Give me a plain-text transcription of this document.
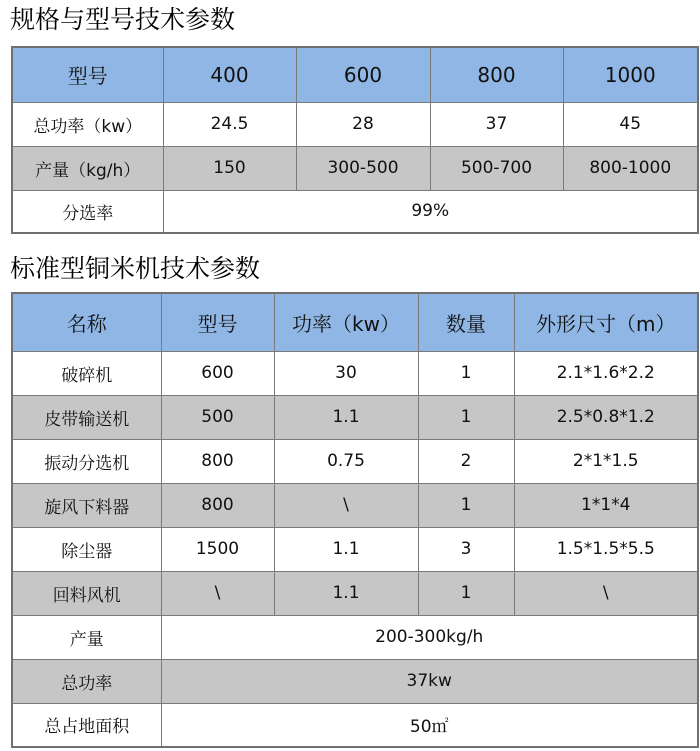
规格与型号技术参数
型号	400	600	800	1000
总功率（kw）	24.5	28	37	45
产量（kg/h）	150	300-500	500-700	800-1000
分选率	99%			
标准型铜米机技术参数
名称	型号	功率（kw）	数量	外形尺寸（m）
破碎机	600	30	1	2.1*1.6*2.2
皮带输送机	500	1.1	1	2.5*0.8*1.2
振动分选机	800	0.75	2	2*1*1.5
旋风下料器	800	\	1	1*1*4
除尘器	1500	1.1	3	1.5*1.5*5.5
回料风机	\	1.1	1	\
产量	200-300kg/h			
总功率	37kw			
总占地面积	50㎡			
